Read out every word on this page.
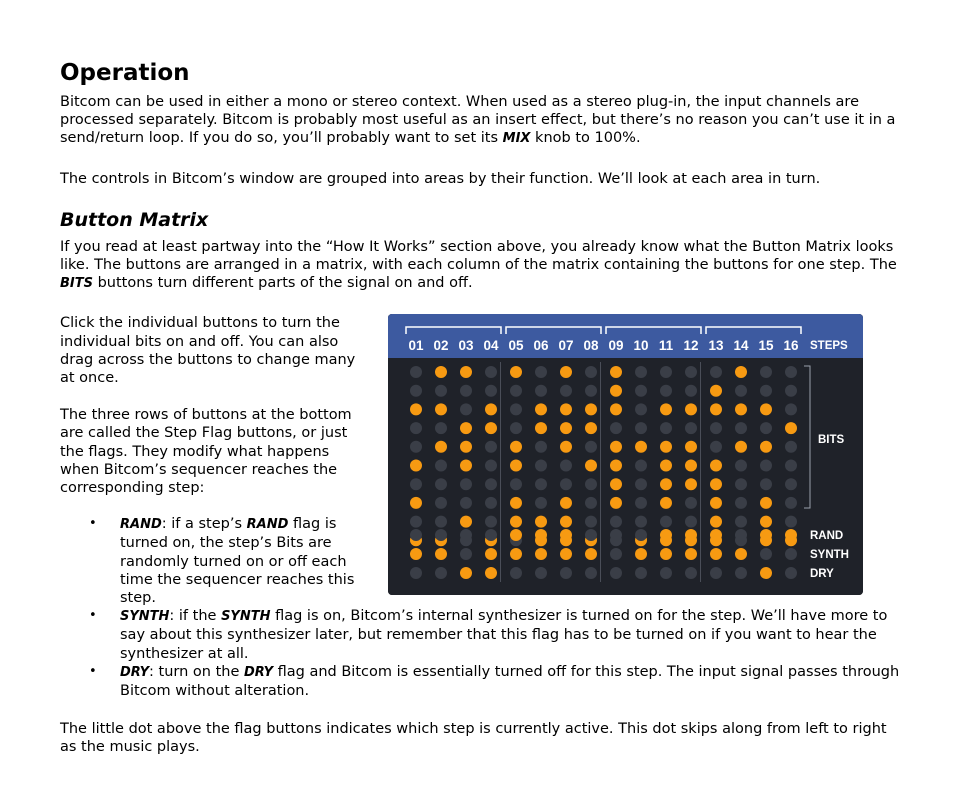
Operation

Bitcom can be used in either a mono or stereo context. When used as a stereo plug-in, the input channels are processed separately. Bitcom is probably most useful as an insert effect, but there’s no reason you can’t use it in a send/return loop. If you do so, you’ll probably want to set its MIX knob to 100%.

The controls in Bitcom’s window are grouped into areas by their function. We’ll look at each area in turn.

Button Matrix

If you read at least partway into the “How It Works” section above, you already know what the Button Matrix looks like. The buttons are arranged in a matrix, with each column of the matrix containing the buttons for one step. The BITS buttons turn different parts of the signal on and off.

Click the individual buttons to turn the individual bits on and off. You can also drag across the buttons to change many at once.

The three rows of buttons at the bottom are called the Step Flag buttons, or just the flags. They modify what happens when Bitcom’s sequencer reaches the corresponding step:

01 02 03 04 05 06 07 08 09 10 11 12 13 14 15 16 STEPS
BITS
RAND
SYNTH
DRY
• RAND: if a step’s RAND flag is turned on, the step’s Bits are randomly turned on or off each time the sequencer reaches this step.
• SYNTH: if the SYNTH flag is on, Bitcom’s internal synthesizer is turned on for the step. We’ll have more to say about this synthesizer later, but remember that this flag has to be turned on if you want to hear the synthesizer at all.
• DRY: turn on the DRY flag and Bitcom is essentially turned off for this step. The input signal passes through Bitcom without alteration.

The little dot above the flag buttons indicates which step is currently active. This dot skips along from left to right as the music plays.
